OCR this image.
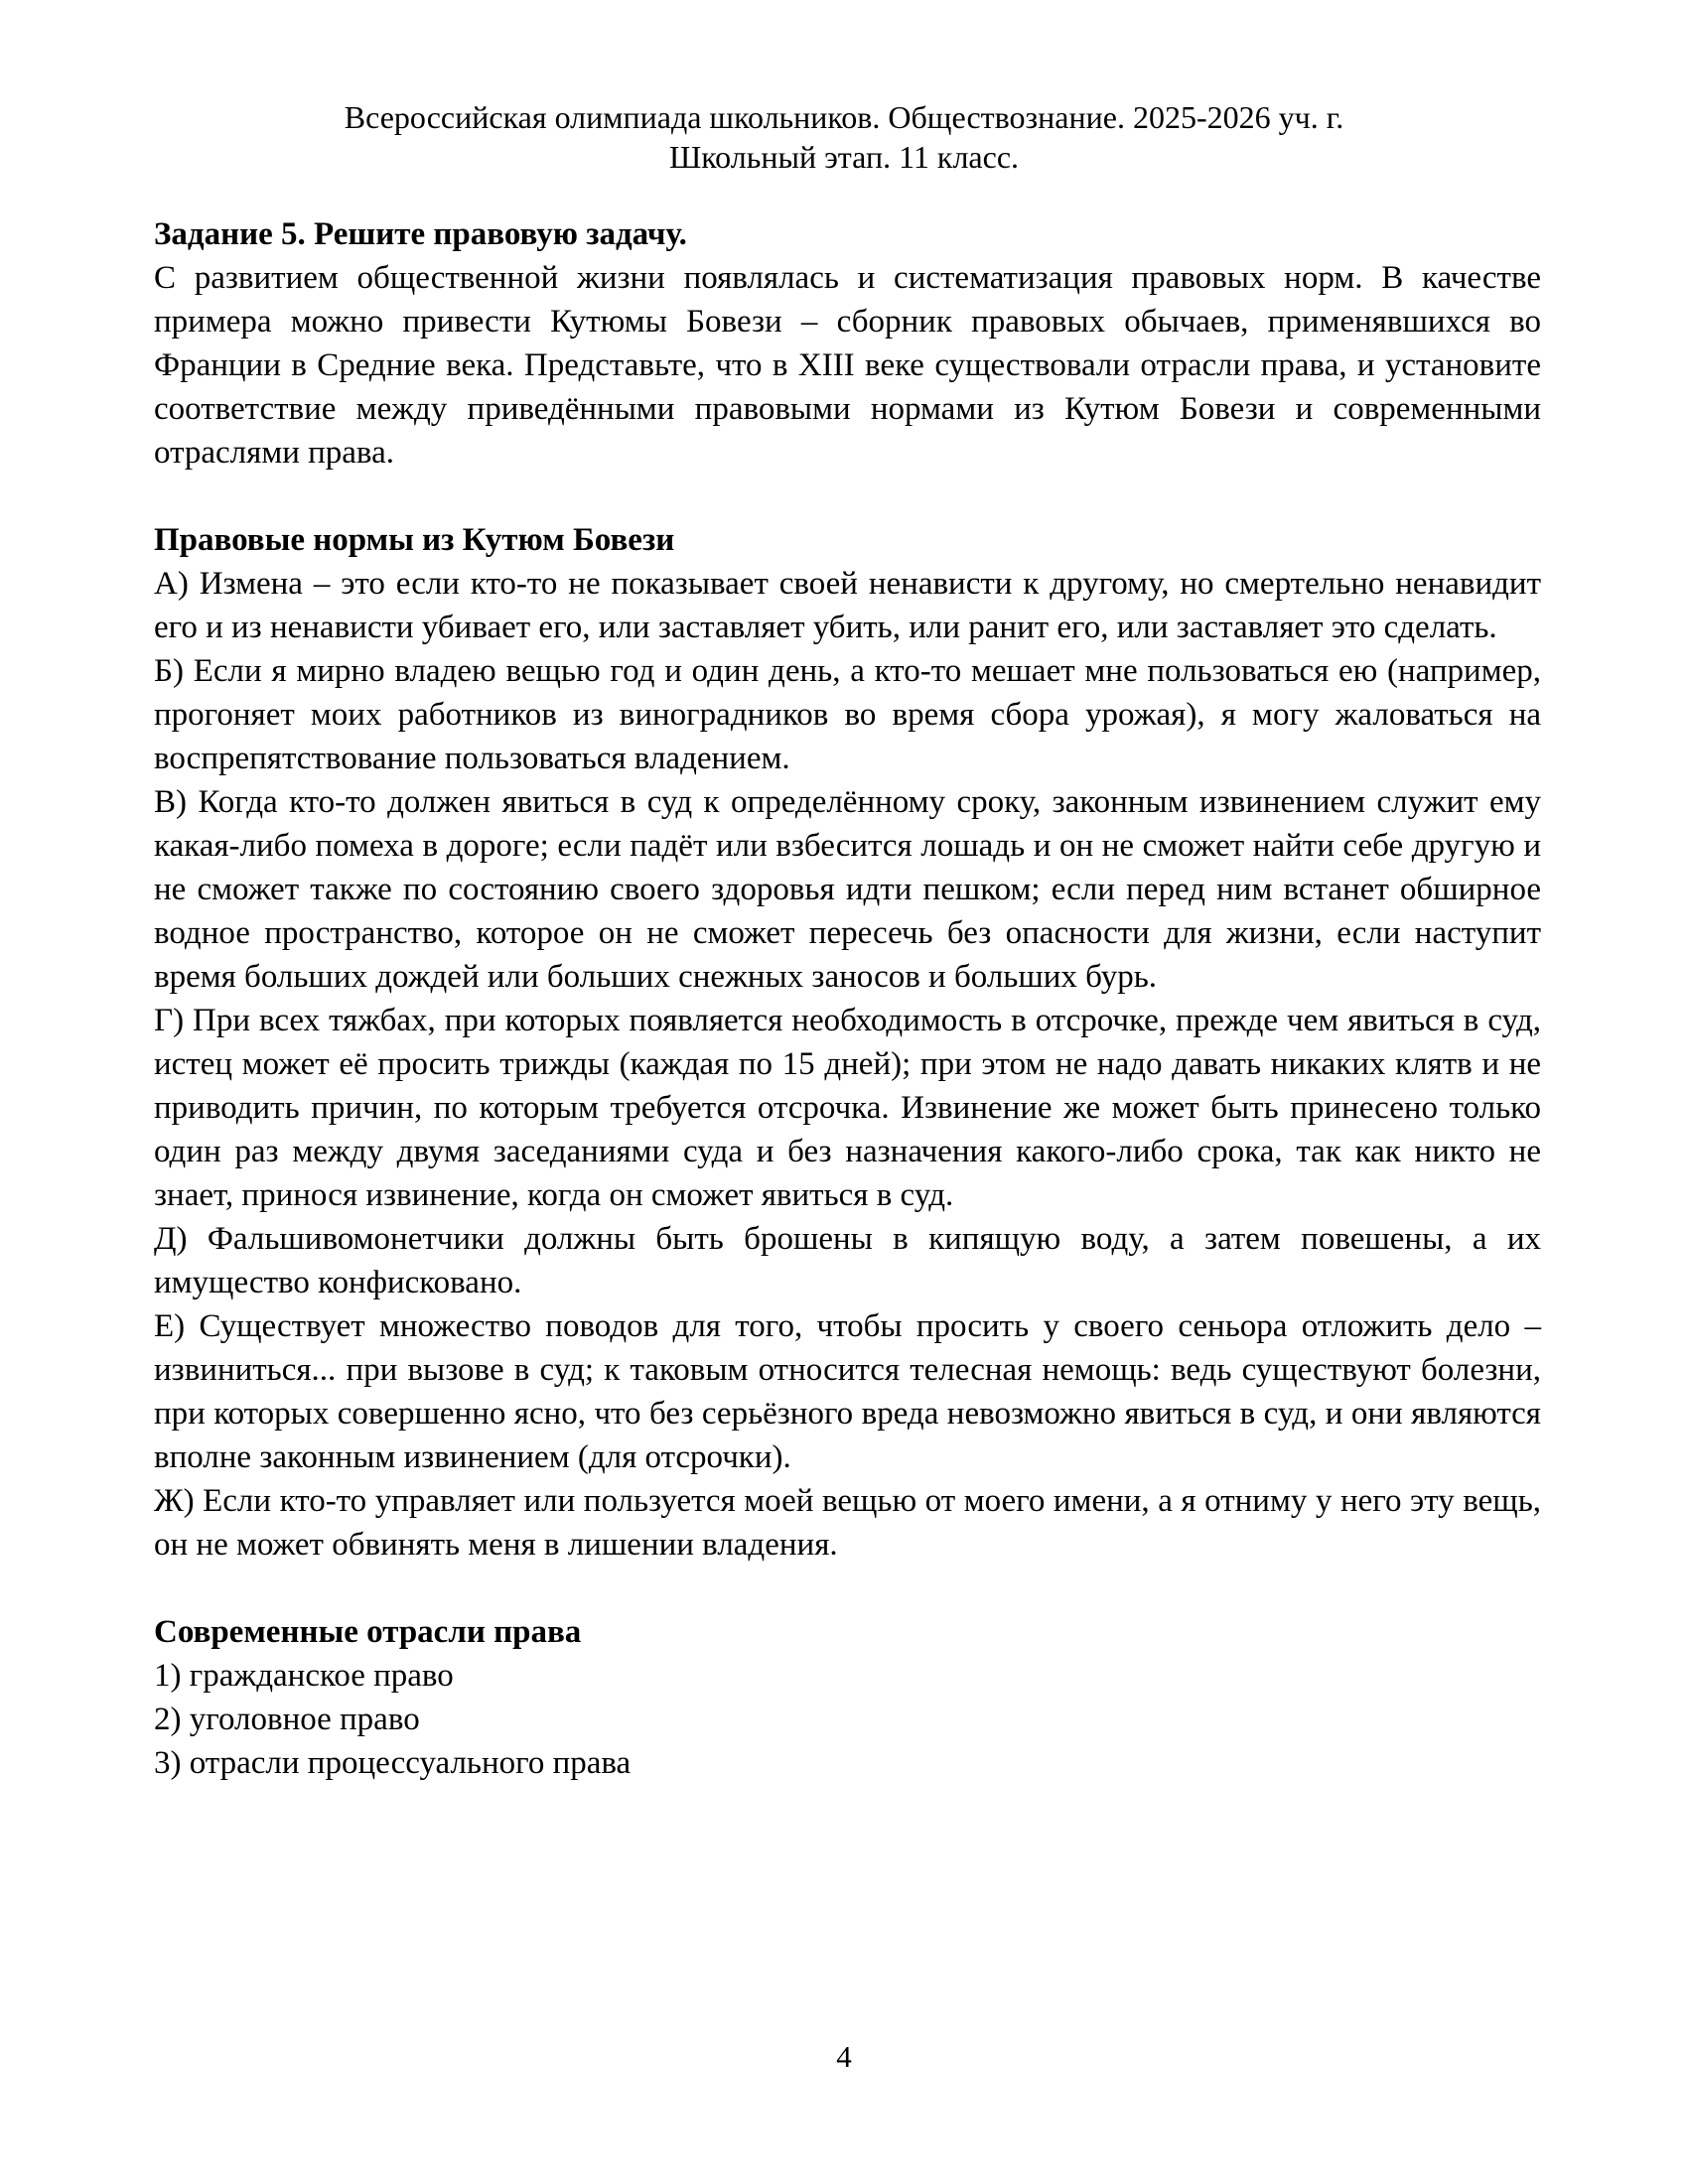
Всероссийская олимпиада школьников. Обществознание. 2025-2026 уч. г.
Школьный этап. 11 класс.

Задание 5. Решите правовую задачу.

С развитием общественной жизни появлялась и систематизация правовых норм. В качестве примера можно привести Кутюмы Бовези – сборник правовых обычаев, применявшихся во Франции в Средние века. Представьте, что в XIII веке существовали отрасли права, и установите соответствие между приведёнными правовыми нормами из Кутюм Бовези и современными отраслями права.

Правовые нормы из Кутюм Бовези

А) Измена – это если кто-то не показывает своей ненависти к другому, но смертельно ненавидит его и из ненависти убивает его, или заставляет убить, или ранит его, или заставляет это сделать.

Б) Если я мирно владею вещью год и один день, а кто-то мешает мне пользоваться ею (например, прогоняет моих работников из виноградников во время сбора урожая), я могу жаловаться на воспрепятствование пользоваться владением.

В) Когда кто-то должен явиться в суд к определённому сроку, законным извинением служит ему какая-либо помеха в дороге; если падёт или взбесится лошадь и он не сможет найти себе другую и не сможет также по состоянию своего здоровья идти пешком; если перед ним встанет обширное водное пространство, которое он не сможет пересечь без опасности для жизни, если наступит время больших дождей или больших снежных заносов и больших бурь.

Г) При всех тяжбах, при которых появляется необходимость в отсрочке, прежде чем явиться в суд, истец может её просить трижды (каждая по 15 дней); при этом не надо давать никаких клятв и не приводить причин, по которым требуется отсрочка. Извинение же может быть принесено только один раз между двумя заседаниями суда и без назначения какого-либо срока, так как никто не знает, принося извинение, когда он сможет явиться в суд.

Д) Фальшивомонетчики должны быть брошены в кипящую воду, а затем повешены, а их имущество конфисковано.

Е) Существует множество поводов для того, чтобы просить у своего сеньора отложить дело – извиниться... при вызове в суд; к таковым относится телесная немощь: ведь существуют болезни, при которых совершенно ясно, что без серьёзного вреда невозможно явиться в суд, и они являются вполне законным извинением (для отсрочки).

Ж) Если кто-то управляет или пользуется моей вещью от моего имени, а я отниму у него эту вещь, он не может обвинять меня в лишении владения.

Современные отрасли права

1) гражданское право

2) уголовное право

3) отрасли процессуального права

4
